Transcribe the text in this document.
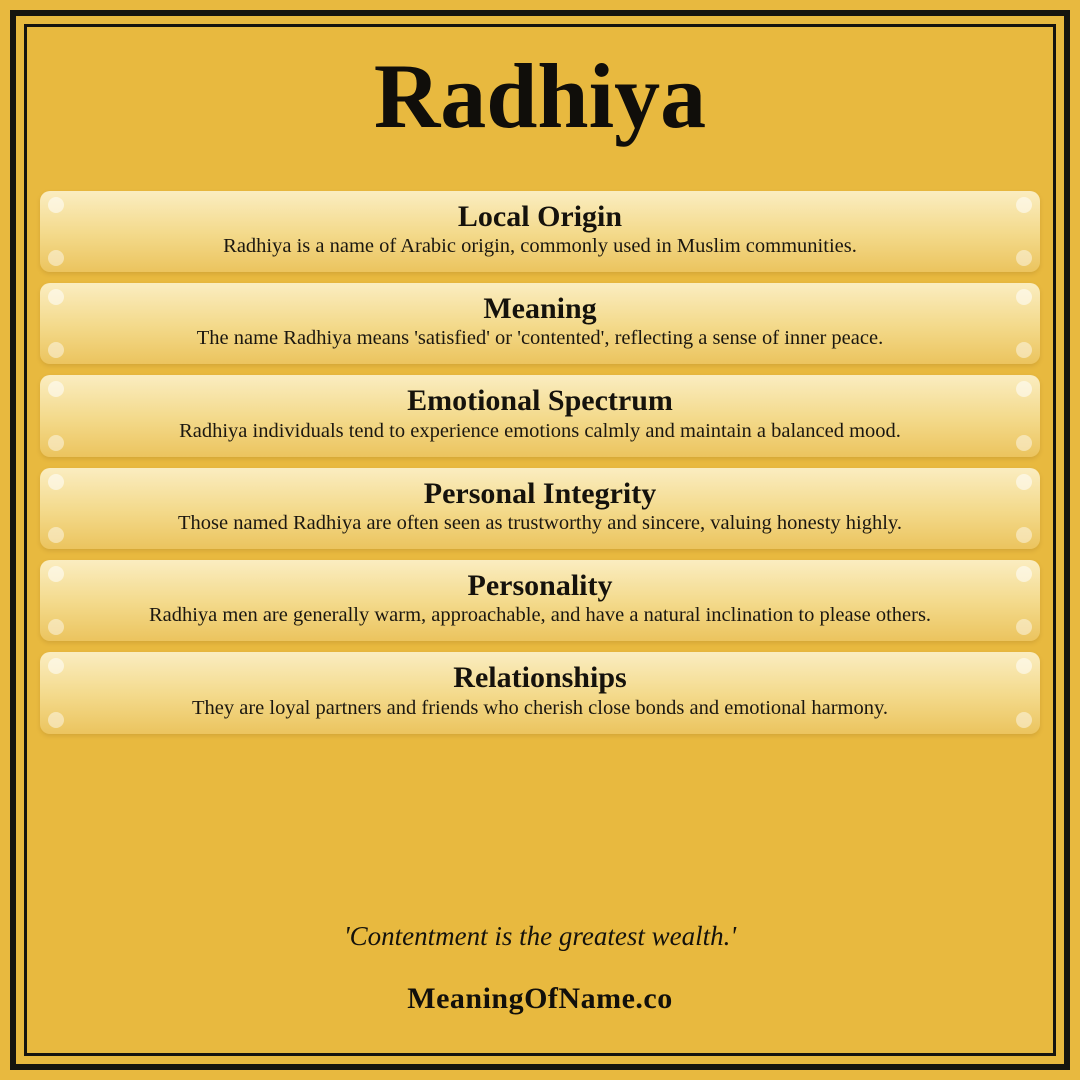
Radhiya
Local Origin
Radhiya is a name of Arabic origin, commonly used in Muslim communities.
Meaning
The name Radhiya means 'satisfied' or 'contented', reflecting a sense of inner peace.
Emotional Spectrum
Radhiya individuals tend to experience emotions calmly and maintain a balanced mood.
Personal Integrity
Those named Radhiya are often seen as trustworthy and sincere, valuing honesty highly.
Personality
Radhiya men are generally warm, approachable, and have a natural inclination to please others.
Relationships
They are loyal partners and friends who cherish close bonds and emotional harmony.
'Contentment is the greatest wealth.'
MeaningOfName.co
